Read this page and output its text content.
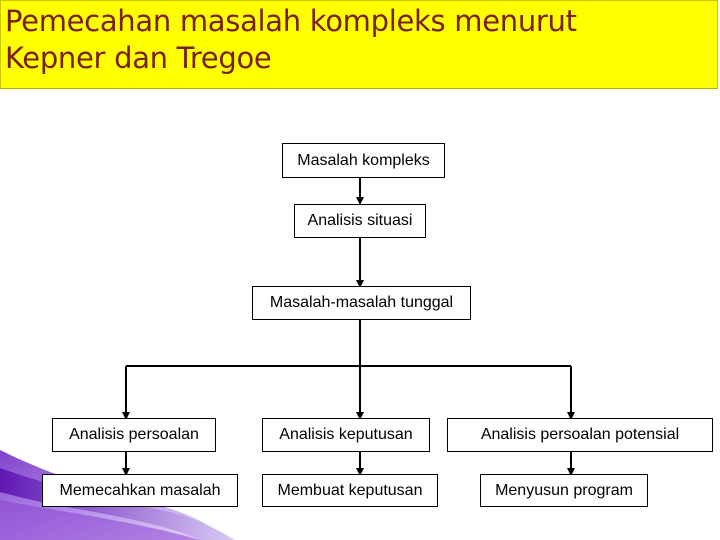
Pemecahan masalah kompleks menurut
Kepner dan Tregoe
Masalah kompleks
Analisis situasi
Masalah-masalah tunggal
Analisis persoalan	Analisis keputusan	Analisis persoalan potensial
Memecahkan masalah	Membuat keputusan	Menyusun program
